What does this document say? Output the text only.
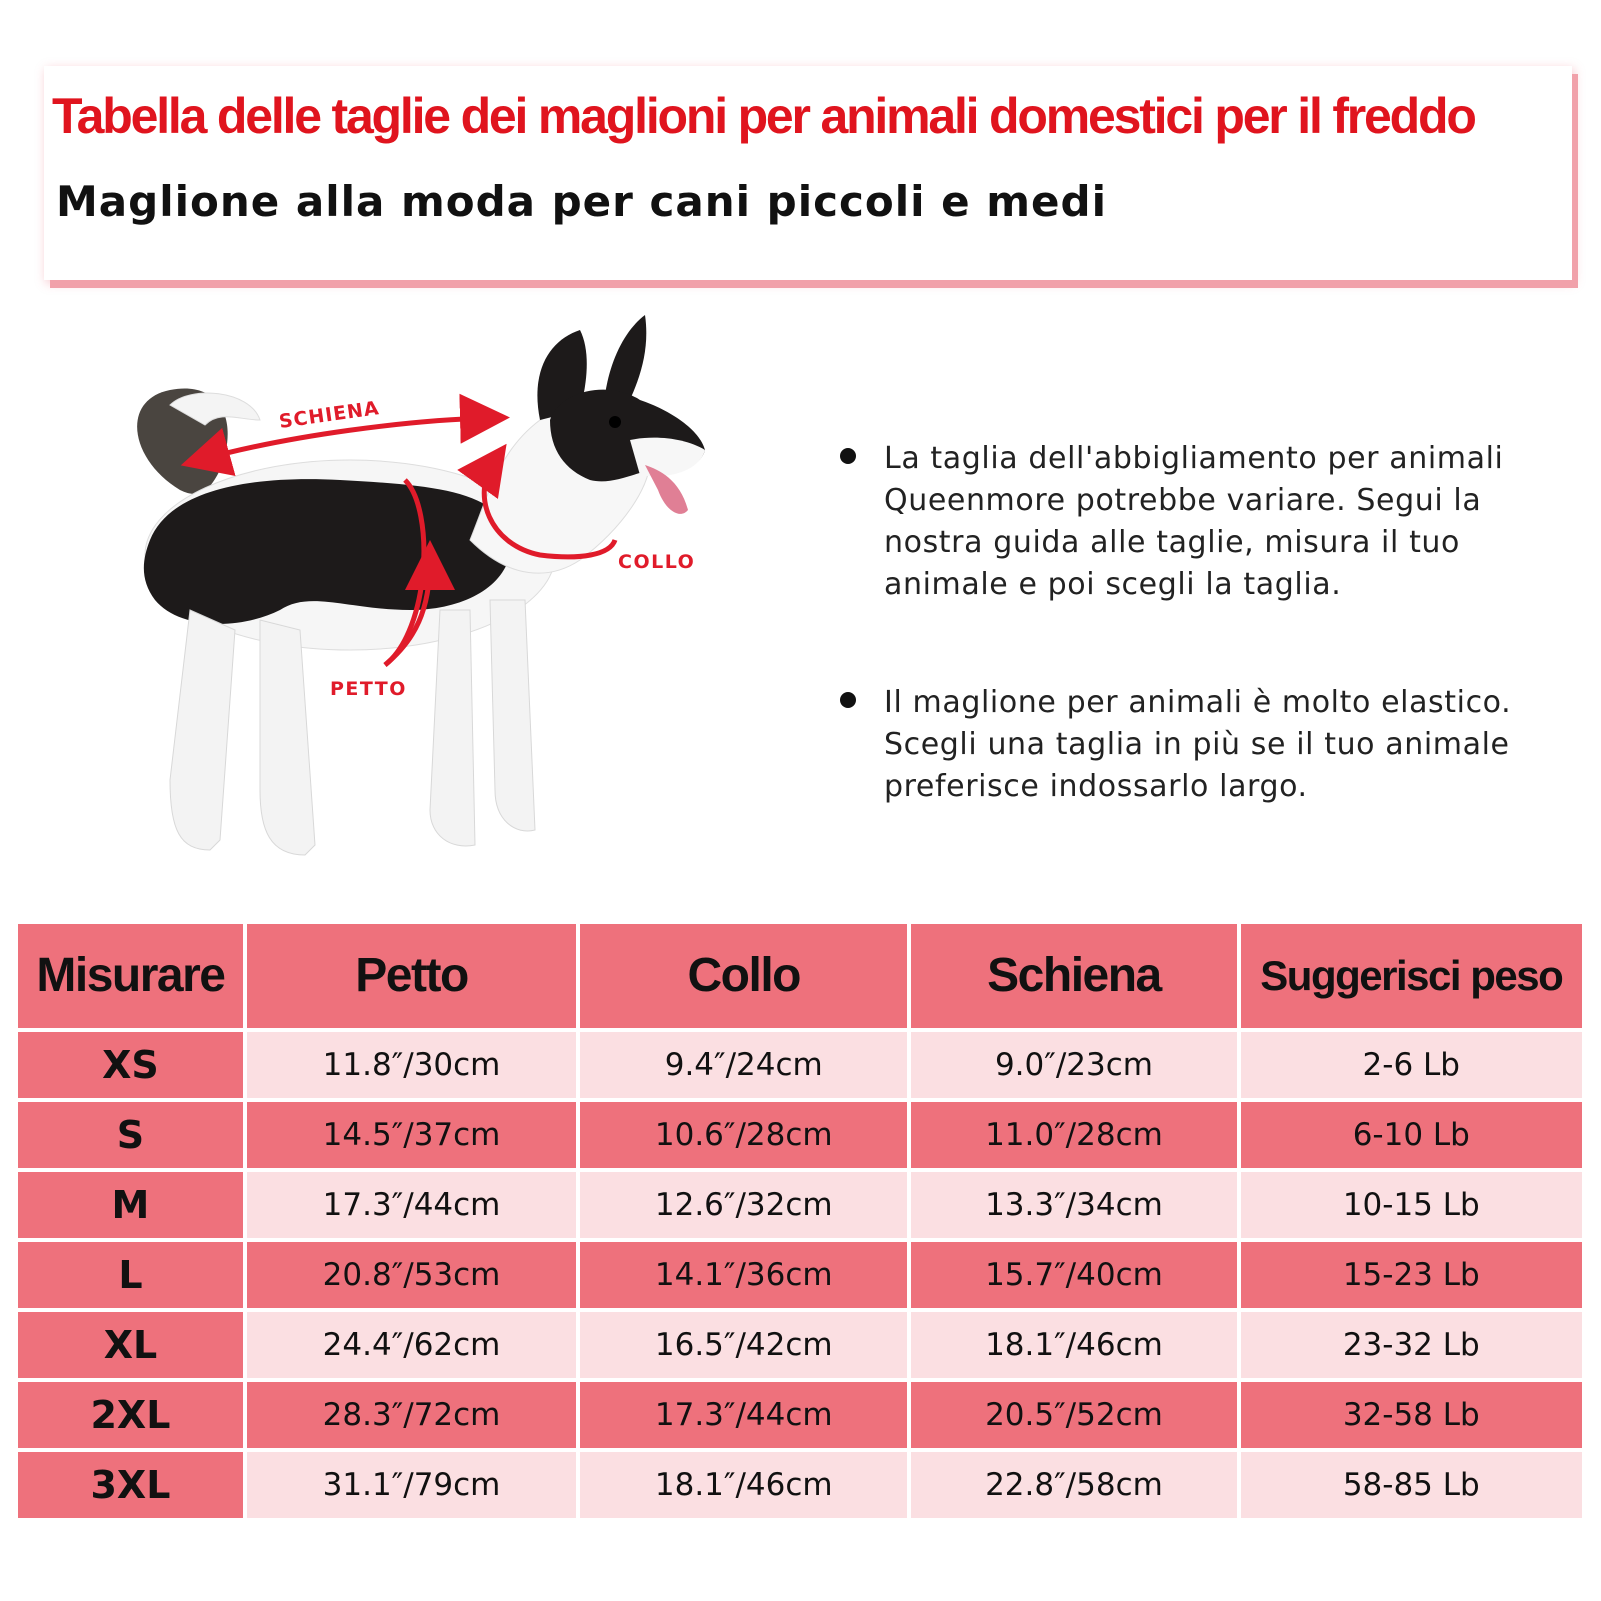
Tabella delle taglie dei maglioni per animali domestici per il freddo
Maglione alla moda per cani piccoli e medi
SCHIENA
COLLO
PETTO
La taglia dell'abbigliamento per animali Queenmore potrebbe variare. Segui la nostra guida alle taglie, misura il tuo animale e poi scegli la taglia.
Il maglione per animali è molto elastico. Scegli una taglia in più se il tuo animale preferisce indossarlo largo.
Misurare	Petto	Collo	Schiena	Suggerisci peso
XS	11.8″/30cm	9.4″/24cm	9.0″/23cm	2-6 Lb
S	14.5″/37cm	10.6″/28cm	11.0″/28cm	6-10 Lb
M	17.3″/44cm	12.6″/32cm	13.3″/34cm	10-15 Lb
L	20.8″/53cm	14.1″/36cm	15.7″/40cm	15-23 Lb
XL	24.4″/62cm	16.5″/42cm	18.1″/46cm	23-32 Lb
2XL	28.3″/72cm	17.3″/44cm	20.5″/52cm	32-58 Lb
3XL	31.1″/79cm	18.1″/46cm	22.8″/58cm	58-85 Lb
